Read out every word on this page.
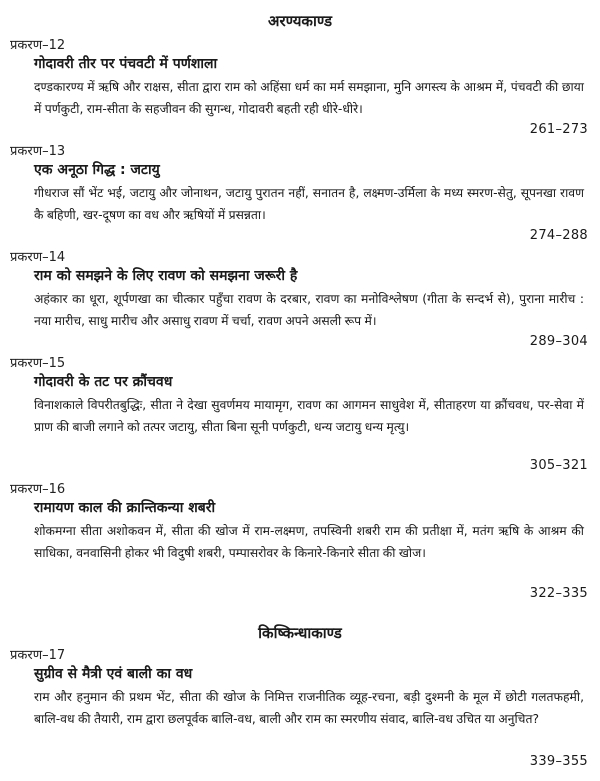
अरण्यकाण्ड
प्रकरण–12
गोदावरी तीर पर पंचवटी में पर्णशाला
दण्डकारण्य में ऋषि और राक्षस, सीता द्वारा राम को अहिंसा धर्म का मर्म समझाना, मुनि अगस्त्य के आश्रम में, पंचवटी की छाया में पर्णकुटी, राम-सीता के सहजीवन की सुगन्ध, गोदावरी बहती रही धीरे-धीरे।
261–273
प्रकरण–13
एक अनूठा गिद्ध : जटायु
गीधराज सौं भेंट भई, जटायु और जोनाथन, जटायु पुरातन नहीं, सनातन है, लक्ष्मण-उर्मिला के मध्य स्मरण-सेतु, सूपनखा रावण कै बहिणी, खर-दूषण का वध और ऋषियों में प्रसन्नता।
274–288
प्रकरण–14
राम को समझने के लिए रावण को समझना जरूरी है
अहंकार का धूरा, शूर्पणखा का चीत्कार पहुँचा रावण के दरबार, रावण का मनोविश्लेषण (गीता के सन्दर्भ से), पुराना मारीच : नया मारीच, साधु मारीच और असाधु रावण में चर्चा, रावण अपने असली रूप में।
289–304
प्रकरण–15
गोदावरी के तट पर क्रौंचवध
विनाशकाले विपरीतबुद्धिः, सीता ने देखा सुवर्णमय मायामृग, रावण का आगमन साधुवेश में, सीताहरण या क्रौंचवध, पर-सेवा में प्राण की बाजी लगाने को तत्पर जटायु, सीता बिना सूनी पर्णकुटी, धन्य जटायु धन्य मृत्यु।
305–321
प्रकरण–16
रामायण काल की क्रान्तिकन्या शबरी
शोकमग्ना सीता अशोकवन में, सीता की खोज में राम-लक्ष्मण, तपस्विनी शबरी राम की प्रतीक्षा में, मतंग ऋषि के आश्रम की साधिका, वनवासिनी होकर भी विदुषी शबरी, पम्पासरोवर के किनारे-किनारे सीता की खोज।
322–335
किष्किन्धाकाण्ड
प्रकरण–17
सुग्रीव से मैत्री एवं बाली का वध
राम और हनुमान की प्रथम भेंट, सीता की खोज के निमित्त राजनीतिक व्यूह-रचना, बड़ी दुश्मनी के मूल में छोटी गलतफहमी, बालि-वध की तैयारी, राम द्वारा छलपूर्वक बालि-वध, बाली और राम का स्मरणीय संवाद, बालि-वध उचित या अनुचित?
339–355
